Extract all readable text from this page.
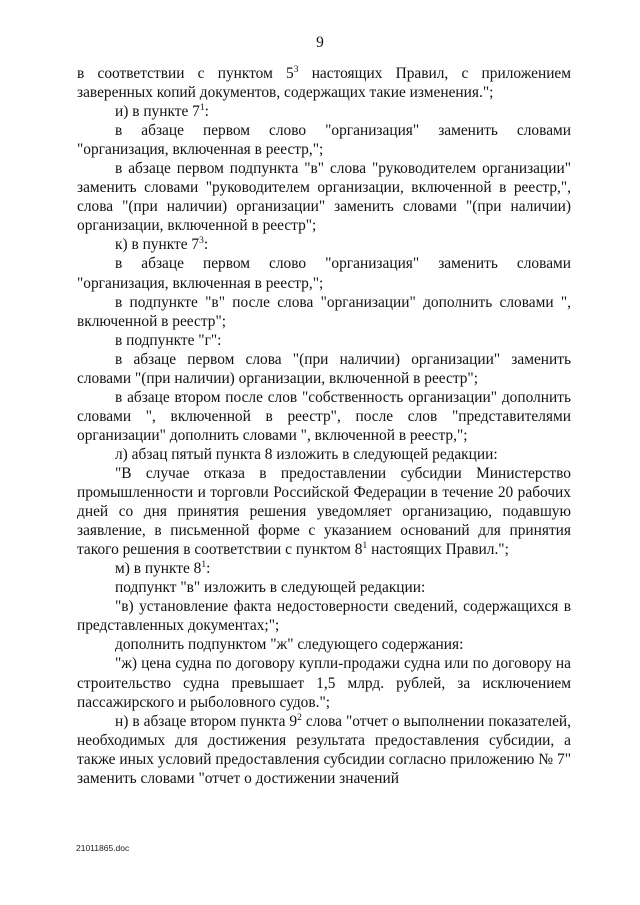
9

в соответствии с пунктом $5^3$ настоящих Правил, с приложением заверенных копий документов, содержащих такие изменения.";

и) в пункте $7^1$:

в абзаце первом слово "организация" заменить словами "организация, включенная в реестр,";

в абзаце первом подпункта "в" слова "руководителем организации" заменить словами "руководителем организации, включенной в реестр,", слова "(при наличии) организации" заменить словами "(при наличии) организации, включенной в реестр";

к) в пункте $7^3$:

в абзаце первом слово "организация" заменить словами "организация, включенная в реестр,";

в подпункте "в" после слова "организации" дополнить словами ", включенной в реестр";

в подпункте "г":

в абзаце первом слова "(при наличии) организации" заменить словами "(при наличии) организации, включенной в реестр";

в абзаце втором после слов "собственность организации" дополнить словами ", включенной в реестр", после слов "представителями организации" дополнить словами ", включенной в реестр,";

л) абзац пятый пункта 8 изложить в следующей редакции:

"В случае отказа в предоставлении субсидии Министерство промышленности и торговли Российской Федерации в течение 20 рабочих дней со дня принятия решения уведомляет организацию, подавшую заявление, в письменной форме с указанием оснований для принятия такого решения в соответствии с пунктом $8^1$ настоящих Правил.";

м) в пункте $8^1$:

подпункт "в" изложить в следующей редакции:

"в) установление факта недостоверности сведений, содержащихся в представленных документах;";

дополнить подпунктом "ж" следующего содержания:

"ж) цена судна по договору купли-продажи судна или по договору на строительство судна превышает 1,5 млрд. рублей, за исключением пассажирского и рыболовного судов.";

н) в абзаце втором пункта $9^2$ слова "отчет о выполнении показателей, необходимых для достижения результата предоставления субсидии, а также иных условий предоставления субсидии согласно приложению № 7" заменить словами "отчет о достижении значений

21011865.doc
